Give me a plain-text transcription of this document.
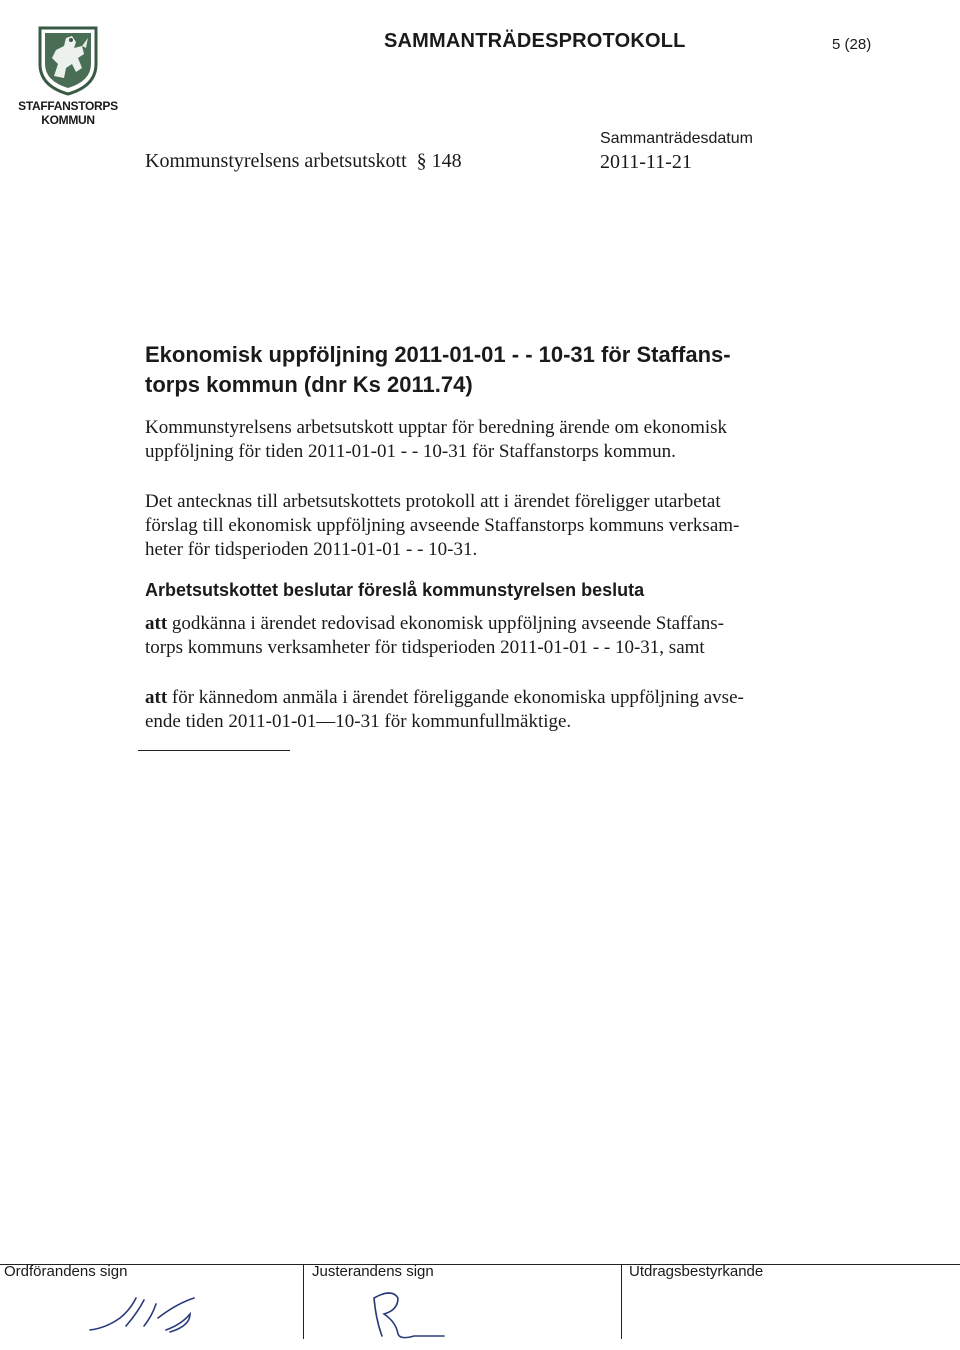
STAFFANSTORPS
KOMMUN
SAMMANTRÄDESPROTOKOLL	5 (28)
Kommunstyrelsens arbetsutskott § 148
Sammanträdesdatum
2011-11-21
Ekonomisk uppföljning 2011-01-01 - - 10-31 för Staffans-
torps kommun (dnr Ks 2011.74)
Kommunstyrelsens arbetsutskott upptar för beredning ärende om ekonomisk
uppföljning för tiden 2011-01-01 - - 10-31 för Staffanstorps kommun.
Det antecknas till arbetsutskottets protokoll att i ärendet föreligger utarbetat
förslag till ekonomisk uppföljning avseende Staffanstorps kommuns verksam-
heter för tidsperioden 2011-01-01 - - 10-31.
Arbetsutskottet beslutar föreslå kommunstyrelsen besluta
att godkänna i ärendet redovisad ekonomisk uppföljning avseende Staffans-
torps kommuns verksamheter för tidsperioden 2011-01-01 - - 10-31, samt
att för kännedom anmäla i ärendet föreliggande ekonomiska uppföljning avse-
ende tiden 2011-01-01—10-31 för kommunfullmäktige.
Ordförandens sign	Justerandens sign	Utdragsbestyrkande
